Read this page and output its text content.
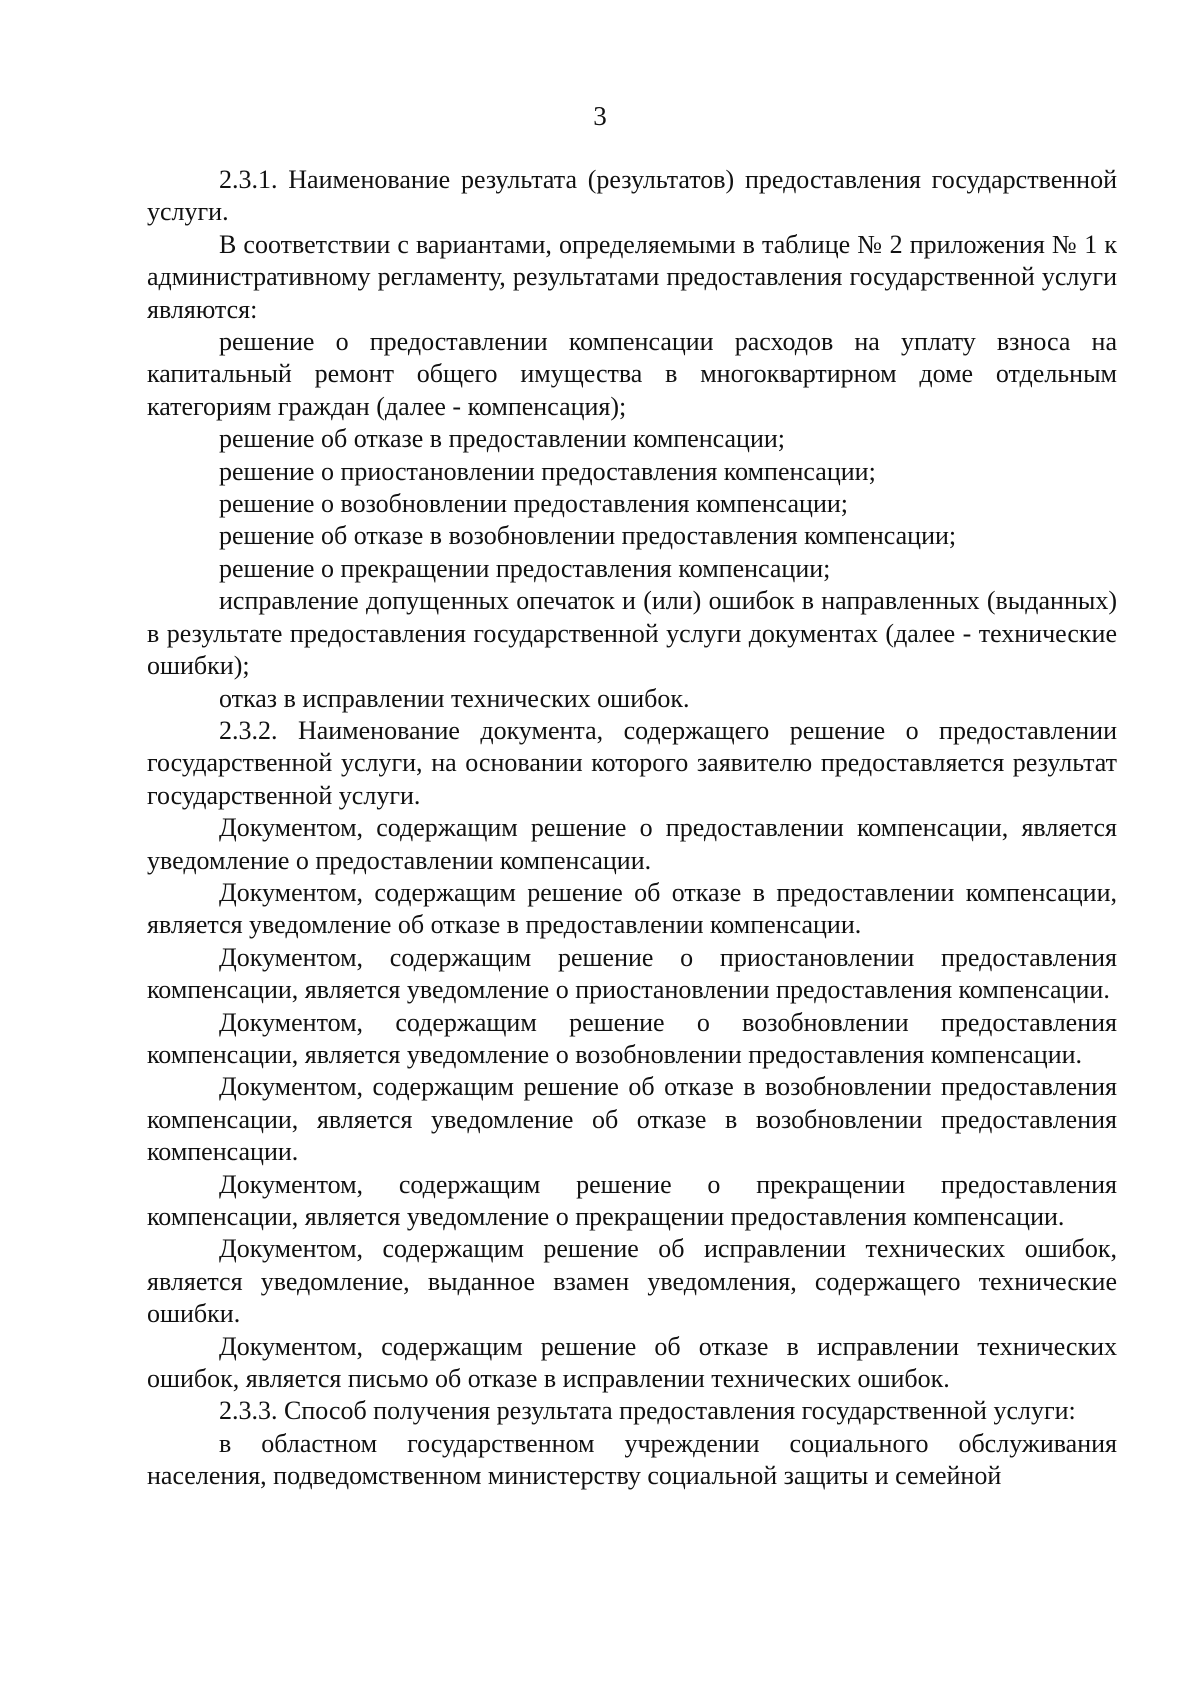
3

2.3.1. Наименование результата (результатов) предоставления государственной услуги.

В соответствии с вариантами, определяемыми в таблице № 2 приложения № 1 к административному регламенту, результатами предоставления государственной услуги являются:

решение о предоставлении компенсации расходов на уплату взноса на капитальный ремонт общего имущества в многоквартирном доме отдельным категориям граждан (далее - компенсация);

решение об отказе в предоставлении компенсации;

решение о приостановлении предоставления компенсации;

решение о возобновлении предоставления компенсации;

решение об отказе в возобновлении предоставления компенсации;

решение о прекращении предоставления компенсации;

исправление допущенных опечаток и (или) ошибок в направленных (выданных) в результате предоставления государственной услуги документах (далее - технические ошибки);

отказ в исправлении технических ошибок.

2.3.2. Наименование документа, содержащего решение о предоставлении государственной услуги, на основании которого заявителю предоставляется результат государственной услуги.

Документом, содержащим решение о предоставлении компенсации, является уведомление о предоставлении компенсации.

Документом, содержащим решение об отказе в предоставлении компенсации, является уведомление об отказе в предоставлении компенсации.

Документом, содержащим решение о приостановлении предоставления компенсации, является уведомление о приостановлении предоставления компенсации.

Документом, содержащим решение о возобновлении предоставления компенсации, является уведомление о возобновлении предоставления компенсации.

Документом, содержащим решение об отказе в возобновлении предоставления компенсации, является уведомление об отказе в возобновлении предоставления компенсации.

Документом, содержащим решение о прекращении предоставления компенсации, является уведомление о прекращении предоставления компенсации.

Документом, содержащим решение об исправлении технических ошибок, является уведомление, выданное взамен уведомления, содержащего технические ошибки.

Документом, содержащим решение об отказе в исправлении технических ошибок, является письмо об отказе в исправлении технических ошибок.

2.3.3. Способ получения результата предоставления государственной услуги:

в областном государственном учреждении социального обслуживания населения, подведомственном министерству социальной защиты и семейной
